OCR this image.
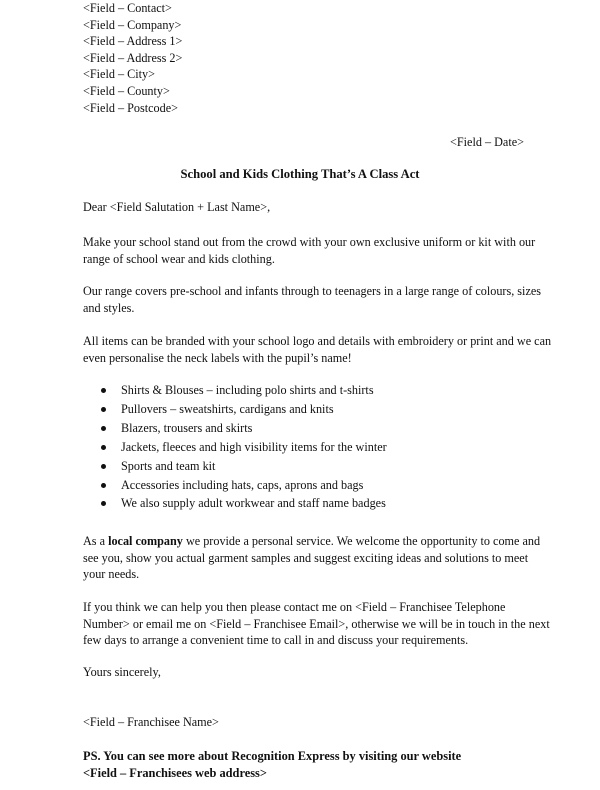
<Field – Contact>
<Field – Company>
<Field – Address 1>
<Field – Address 2>
<Field – City>
<Field – County>
<Field – Postcode>
<Field – Date>
School and Kids Clothing That’s A Class Act
Dear <Field Salutation + Last Name>,
Make your school stand out from the crowd with your own exclusive uniform or kit with our range of school wear and kids clothing.
Our range covers pre-school and infants through to teenagers in a large range of colours, sizes and styles.
All items can be branded with your school logo and details with embroidery or print and we can even personalise the neck labels with the pupil’s name!
Shirts & Blouses – including polo shirts and t-shirts
Pullovers – sweatshirts, cardigans and knits
Blazers, trousers and skirts
Jackets, fleeces and high visibility items for the winter
Sports and team kit
Accessories including hats, caps, aprons and bags
We also supply adult workwear and staff name badges
As a local company we provide a personal service. We welcome the opportunity to come and see you, show you actual garment samples and suggest exciting ideas and solutions to meet your needs.
If you think we can help you then please contact me on <Field – Franchisee Telephone Number> or email me on <Field – Franchisee Email>, otherwise we will be in touch in the next few days to arrange a convenient time to call in and discuss your requirements.
Yours sincerely,
<Field – Franchisee Name>
PS. You can see more about Recognition Express by visiting our website
<Field – Franchisees web address>
